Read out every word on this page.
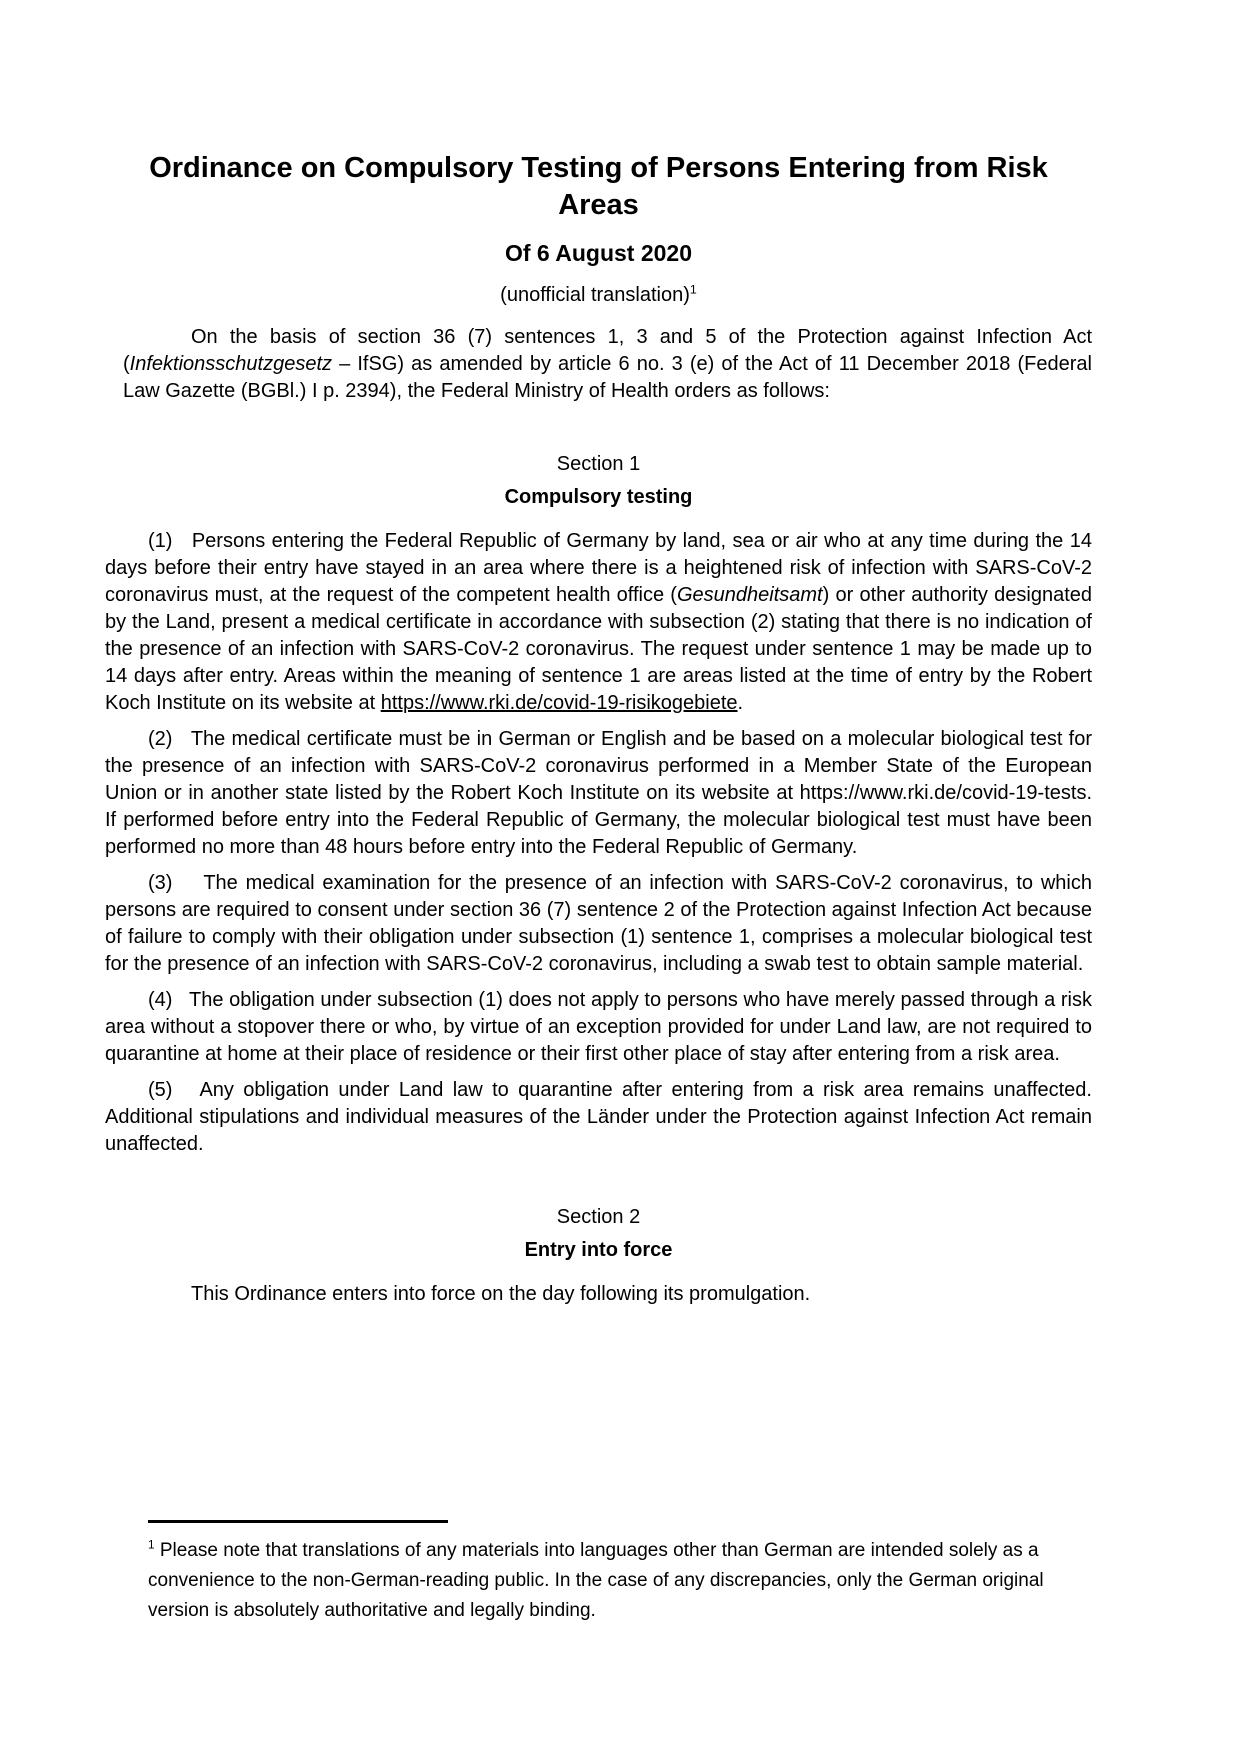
Ordinance on Compulsory Testing of Persons Entering from Risk Areas
Of 6 August 2020
(unofficial translation)$^1$

On the basis of section 36 (7) sentences 1, 3 and 5 of the Protection against Infection Act (Infektionsschutzgesetz – IfSG) as amended by article 6 no. 3 (e) of the Act of 11 December 2018 (Federal Law Gazette (BGBl.) I p. 2394), the Federal Ministry of Health orders as follows:

Section 1
Compulsory testing

(1)   Persons entering the Federal Republic of Germany by land, sea or air who at any time during the 14 days before their entry have stayed in an area where there is a heightened risk of infection with SARS-CoV-2 coronavirus must, at the request of the competent health office (Gesundheitsamt) or other authority designated by the Land, present a medical certificate in accordance with subsection (2) stating that there is no indication of the presence of an infection with SARS-CoV-2 coronavirus. The request under sentence 1 may be made up to 14 days after entry. Areas within the meaning of sentence 1 are areas listed at the time of entry by the Robert Koch Institute on its website at https://www.rki.de/covid-19-risikogebiete.

(2)   The medical certificate must be in German or English and be based on a molecular biological test for the presence of an infection with SARS-CoV-2 coronavirus performed in a Member State of the European Union or in another state listed by the Robert Koch Institute on its website at https://www.rki.de/covid-19-tests. If performed before entry into the Federal Republic of Germany, the molecular biological test must have been performed no more than 48 hours before entry into the Federal Republic of Germany.

(3)    The medical examination for the presence of an infection with SARS-CoV-2 coronavirus, to which persons are required to consent under section 36 (7) sentence 2 of the Protection against Infection Act because of failure to comply with their obligation under subsection (1) sentence 1, comprises a molecular biological test for the presence of an infection with SARS-CoV-2 coronavirus, including a swab test to obtain sample material.

(4)   The obligation under subsection (1) does not apply to persons who have merely passed through a risk area without a stopover there or who, by virtue of an exception provided for under Land law, are not required to quarantine at home at their place of residence or their first other place of stay after entering from a risk area.

(5)   Any obligation under Land law to quarantine after entering from a risk area remains unaffected. Additional stipulations and individual measures of the Länder under the Protection against Infection Act remain unaffected.

Section 2
Entry into force

This Ordinance enters into force on the day following its promulgation.

$^1$ Please note that translations of any materials into languages other than German are intended solely as a convenience to the non-German-reading public. In the case of any discrepancies, only the German original version is absolutely authoritative and legally binding.
